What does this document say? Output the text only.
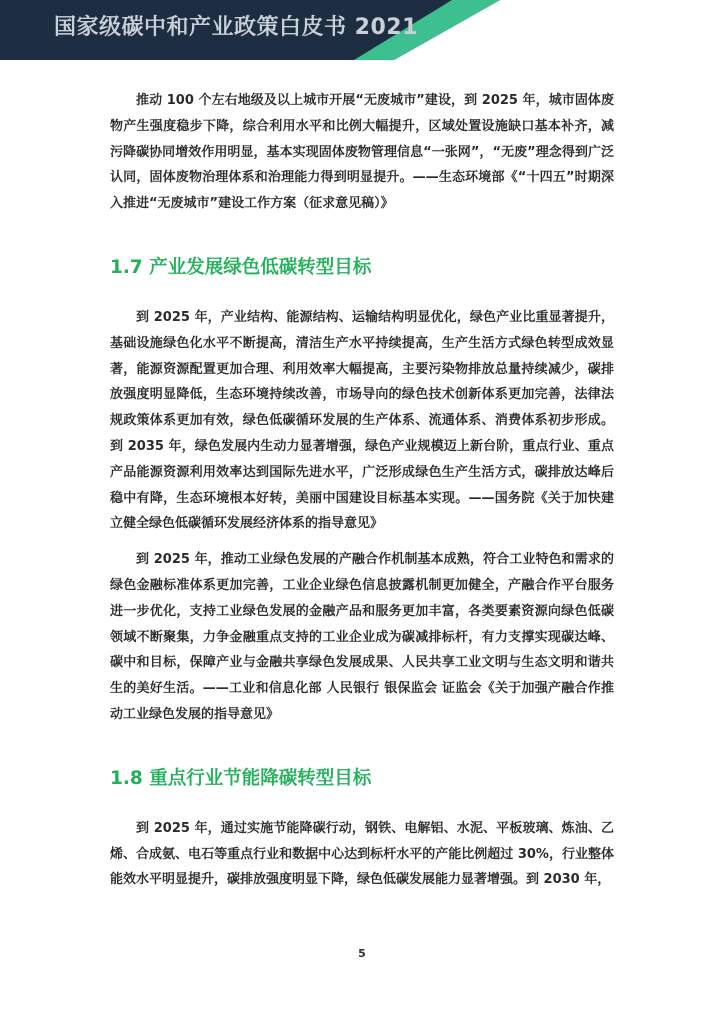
国家级碳中和产业政策白皮书 2021

推动 100 个左右地级及以上城市开展“无废城市”建设，到 2025 年，城市固体废物产生强度稳步下降，综合利用水平和比例大幅提升，区域处置设施缺口基本补齐，减污降碳协同增效作用明显，基本实现固体废物管理信息“一张网”，“无废”理念得到广泛认同，固体废物治理体系和治理能力得到明显提升。——生态环境部《“十四五”时期深入推进“无废城市”建设工作方案（征求意见稿）》

1.7 产业发展绿色低碳转型目标

到 2025 年，产业结构、能源结构、运输结构明显优化，绿色产业比重显著提升，基础设施绿色化水平不断提高，清洁生产水平持续提高，生产生活方式绿色转型成效显著，能源资源配置更加合理、利用效率大幅提高，主要污染物排放总量持续减少，碳排放强度明显降低，生态环境持续改善，市场导向的绿色技术创新体系更加完善，法律法规政策体系更加有效，绿色低碳循环发展的生产体系、流通体系、消费体系初步形成。到 2035 年，绿色发展内生动力显著增强，绿色产业规模迈上新台阶，重点行业、重点产品能源资源利用效率达到国际先进水平，广泛形成绿色生产生活方式，碳排放达峰后稳中有降，生态环境根本好转，美丽中国建设目标基本实现。——国务院《关于加快建立健全绿色低碳循环发展经济体系的指导意见》

到 2025 年，推动工业绿色发展的产融合作机制基本成熟，符合工业特色和需求的绿色金融标准体系更加完善，工业企业绿色信息披露机制更加健全，产融合作平台服务进一步优化，支持工业绿色发展的金融产品和服务更加丰富，各类要素资源向绿色低碳领域不断聚集，力争金融重点支持的工业企业成为碳减排标杆，有力支撑实现碳达峰、碳中和目标，保障产业与金融共享绿色发展成果、人民共享工业文明与生态文明和谐共生的美好生活。——工业和信息化部 人民银行 银保监会 证监会《关于加强产融合作推动工业绿色发展的指导意见》

1.8 重点行业节能降碳转型目标

到 2025 年，通过实施节能降碳行动，钢铁、电解铝、水泥、平板玻璃、炼油、乙烯、合成氨、电石等重点行业和数据中心达到标杆水平的产能比例超过 30%，行业整体能效水平明显提升，碳排放强度明显下降，绿色低碳发展能力显著增强。到 2030 年，

5
